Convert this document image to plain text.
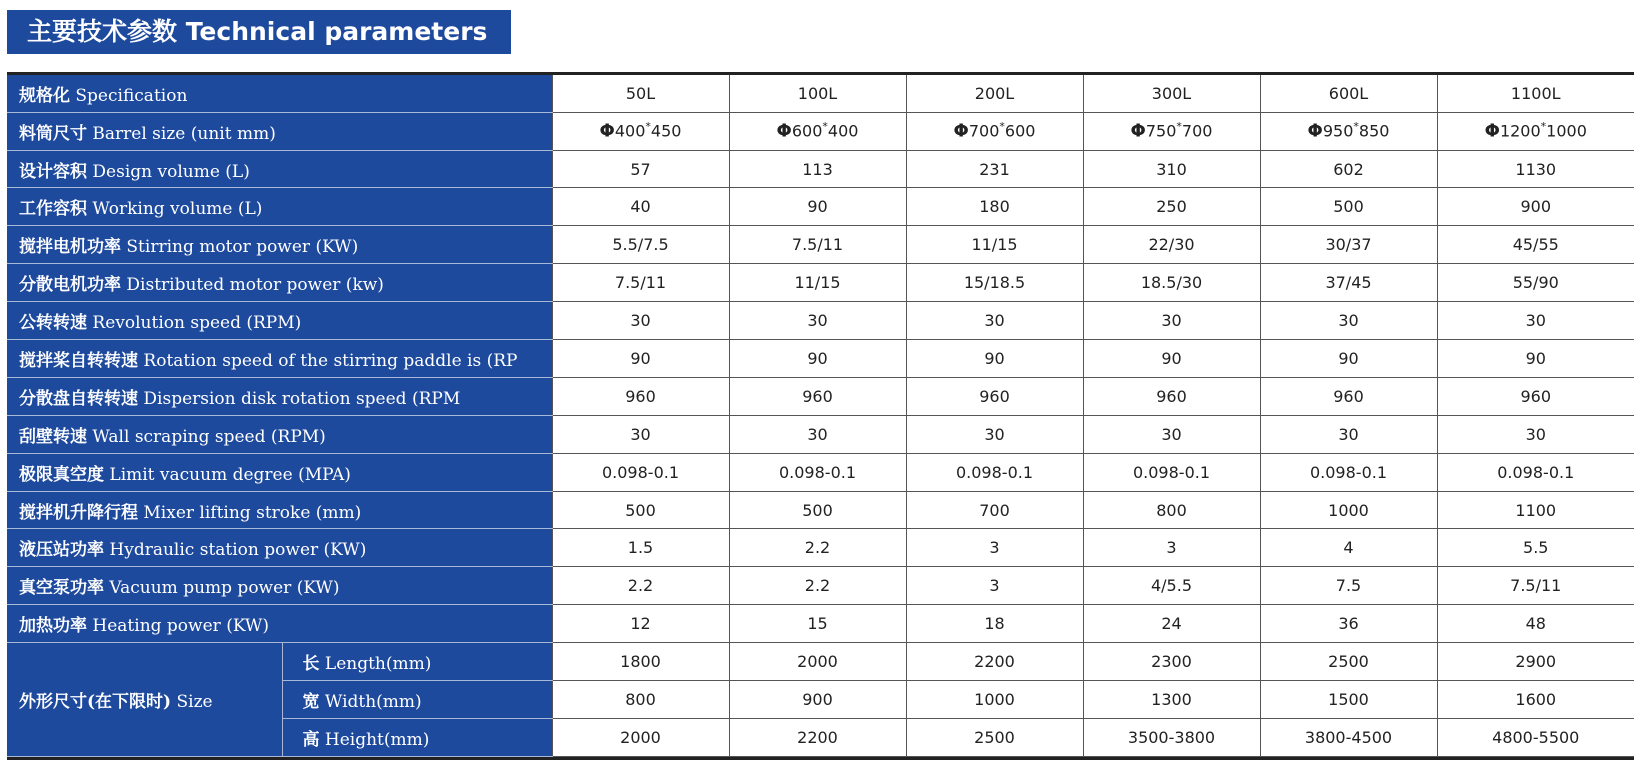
主要技术参数 Technical parameters
规格化 Specification		50L	100L	200L	300L	600L	1100L
料筒尺寸 Barrel size (unit mm)		Φ400*450	Φ600*400	Φ700*600	Φ750*700	Φ950*850	Φ1200*1000
设计容积 Design volume (L)		57	113	231	310	602	1130
工作容积 Working volume (L)		40	90	180	250	500	900
搅拌电机功率 Stirring motor power (KW)		5.5/7.5	7.5/11	11/15	22/30	30/37	45/55
分散电机功率 Distributed motor power (kw)		7.5/11	11/15	15/18.5	18.5/30	37/45	55/90
公转转速 Revolution speed (RPM)		30	30	30	30	30	30
搅拌桨自转转速 Rotation speed of the stirring paddle is (RP		90	90	90	90	90	90
分散盘自转转速 Dispersion disk rotation speed (RPM		960	960	960	960	960	960
刮壁转速 Wall scraping speed (RPM)		30	30	30	30	30	30
极限真空度 Limit vacuum degree (MPA)		0.098-0.1	0.098-0.1	0.098-0.1	0.098-0.1	0.098-0.1	0.098-0.1
搅拌机升降行程 Mixer lifting stroke (mm)		500	500	700	800	1000	1100
液压站功率 Hydraulic station power (KW)		1.5	2.2	3	3	4	5.5
真空泵功率 Vacuum pump power (KW)		2.2	2.2	3	4/5.5	7.5	7.5/11
加热功率 Heating power (KW)		12	15	18	24	36	48
外形尺寸(在下限时) Size	长 Length(mm)	1800	2000	2200	2300	2500	2900
	宽 Width(mm)	800	900	1000	1300	1500	1600
	高 Height(mm)	2000	2200	2500	3500-3800	3800-4500	4800-5500
